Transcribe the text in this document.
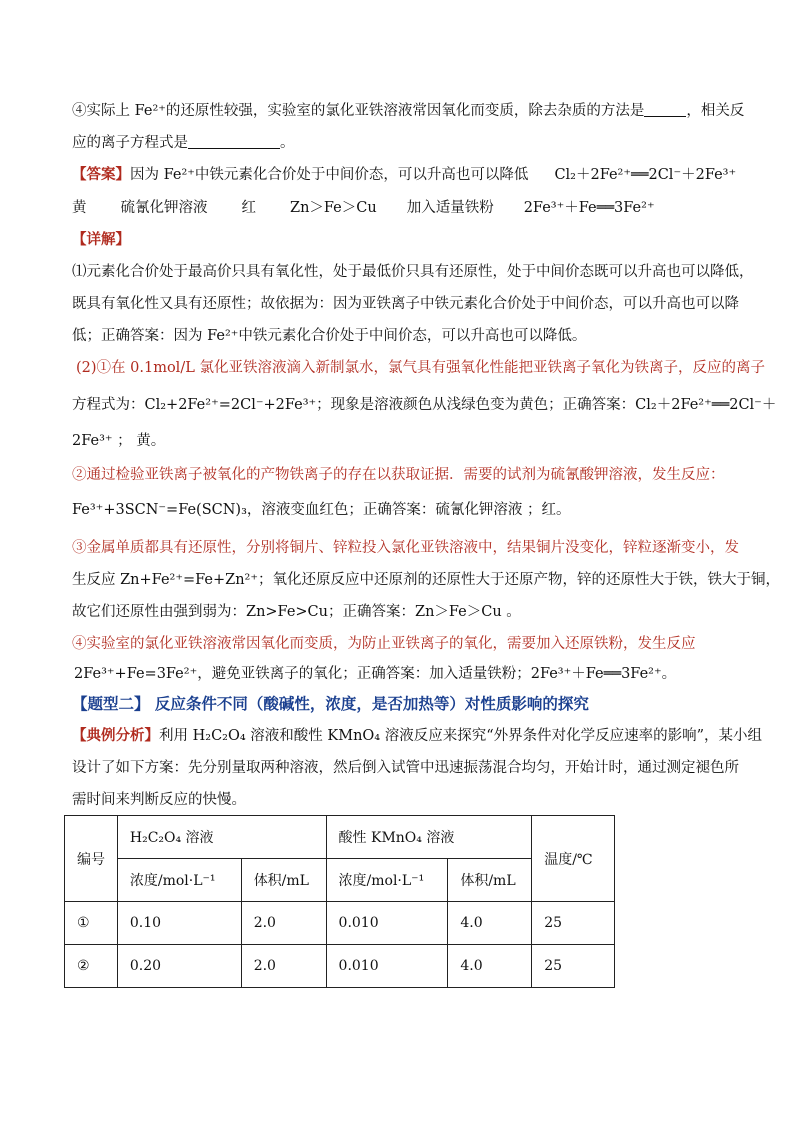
④实际上 Fe²⁺的还原性较强，实验室的氯化亚铁溶液常因氧化而变质，除去杂质的方法是	，相关反
应的离子方程式是	。
【答案】因为 Fe²⁺中铁元素化合价处于中间价态，可以升高也可以降低 Cl₂＋2Fe²⁺══2Cl⁻＋2Fe³⁺
黄 硫氰化钾溶液 红 Zn＞Fe＞Cu 加入适量铁粉 2Fe³⁺＋Fe══3Fe²⁺
【详解】
⑴元素化合价处于最高价只具有氧化性，处于最低价只具有还原性，处于中间价态既可以升高也可以降低，
既具有氧化性又具有还原性；故依据为：因为亚铁离子中铁元素化合价处于中间价态，可以升高也可以降
低；正确答案：因为 Fe²⁺中铁元素化合价处于中间价态，可以升高也可以降低。
(2)①在 0.1mol/L 氯化亚铁溶液滴入新制氯水，氯气具有强氧化性能把亚铁离子氧化为铁离子，反应的离子
方程式为：Cl₂+2Fe²⁺=2Cl⁻+2Fe³⁺；现象是溶液颜色从浅绿色变为黄色；正确答案：Cl₂＋2Fe²⁺══2Cl⁻＋
2Fe³⁺ ； 黄。
②通过检验亚铁离子被氧化的产物铁离子的存在以获取证据．需要的试剂为硫氰酸钾溶液，发生反应：
Fe³⁺+3SCN⁻=Fe(SCN)₃，溶液变血红色；正确答案：硫氰化钾溶液 ；红。
③金属单质都具有还原性，分别将铜片、锌粒投入氯化亚铁溶液中，结果铜片没变化，锌粒逐渐变小，发
生反应 Zn+Fe²⁺=Fe+Zn²⁺；氧化还原反应中还原剂的还原性大于还原产物，锌的还原性大于铁，铁大于铜，
故它们还原性由强到弱为：Zn>Fe>Cu；正确答案：Zn＞Fe＞Cu 。
④实验室的氯化亚铁溶液常因氧化而变质，为防止亚铁离子的氧化，需要加入还原铁粉，发生反应
2Fe³⁺+Fe=3Fe²⁺，避免亚铁离子的氧化；正确答案：加入适量铁粉；2Fe³⁺＋Fe══3Fe²⁺。
【题型二】 反应条件不同（酸碱性，浓度，是否加热等）对性质影响的探究
【典例分析】利用 H₂C₂O₄ 溶液和酸性 KMnO₄ 溶液反应来探究“外界条件对化学反应速率的影响”，某小组
设计了如下方案：先分别量取两种溶液，然后倒入试管中迅速振荡混合均匀，开始计时，通过测定褪色所
需时间来判断反应的快慢。
编号	H₂C₂O₄ 溶液		酸性 KMnO₄ 溶液		温度/℃
	浓度/mol·L⁻¹	体积/mL	浓度/mol·L⁻¹	体积/mL	
①	0.10	2.0	0.010	4.0	25
②	0.20	2.0	0.010	4.0	25
